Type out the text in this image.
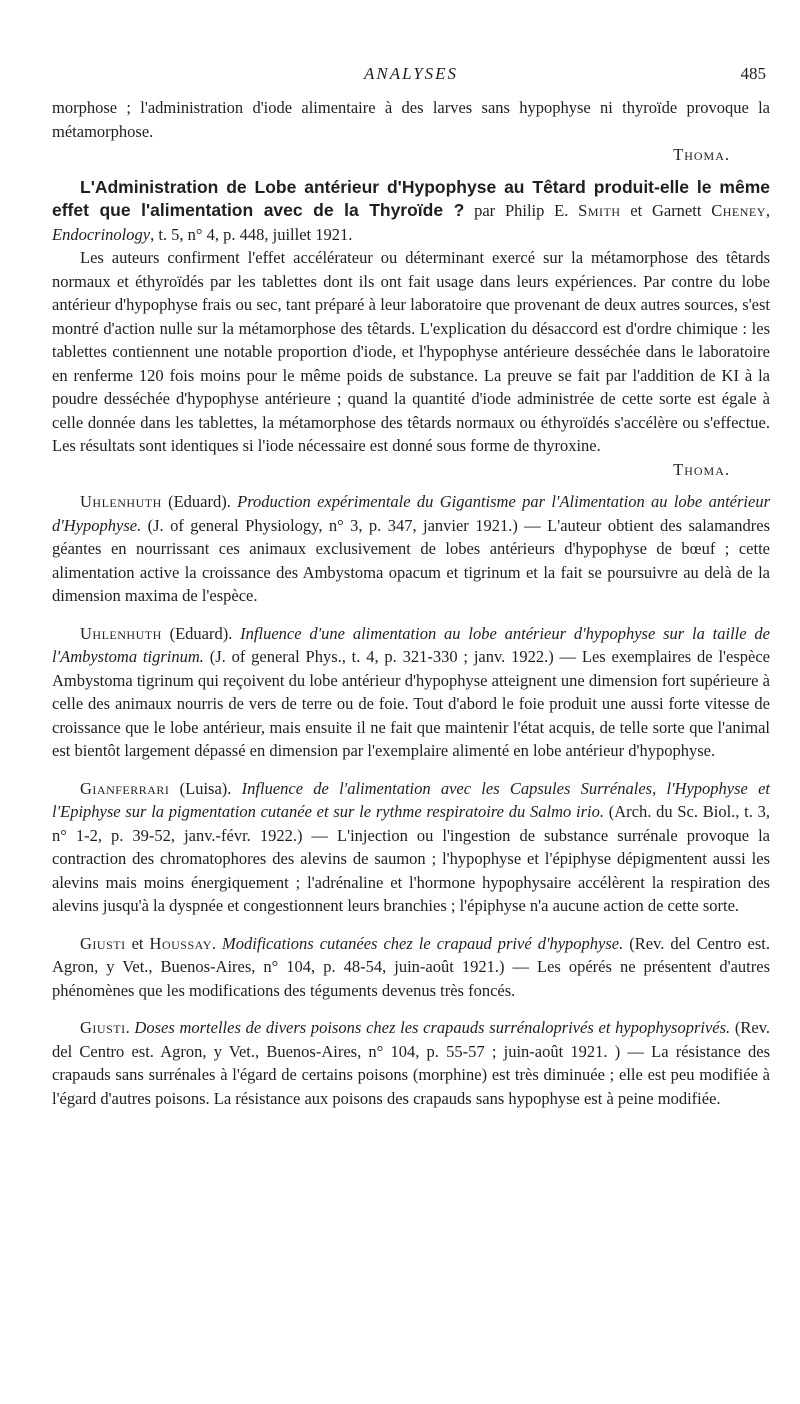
ANALYSES	485

morphose ; l'administration d'iode alimentaire à des larves sans hypophyse ni thyroïde provoque la métamorphose.

Thoma.

L'Administration de Lobe antérieur d'Hypophyse au Têtard produit-elle le même effet que l'alimentation avec de la Thyroïde ? par Philip E. Smith et Garnett Cheney, Endocrinology, t. 5, n° 4, p. 448, juillet 1921.

Les auteurs confirment l'effet accélérateur ou déterminant exercé sur la métamorphose des têtards normaux et éthyroïdés par les tablettes dont ils ont fait usage dans leurs expériences. Par contre du lobe antérieur d'hypophyse frais ou sec, tant préparé à leur laboratoire que provenant de deux autres sources, s'est montré d'action nulle sur la métamorphose des têtards. L'explication du désaccord est d'ordre chimique : les tablettes contiennent une notable proportion d'iode, et l'hypophyse antérieure desséchée dans le laboratoire en renferme 120 fois moins pour le même poids de substance. La preuve se fait par l'addition de KI à la poudre desséchée d'hypophyse antérieure ; quand la quantité d'iode administrée de cette sorte est égale à celle donnée dans les tablettes, la métamorphose des têtards normaux ou éthyroïdés s'accélère ou s'effectue. Les résultats sont identiques si l'iode nécessaire est donné sous forme de thyroxine.

Thoma.

Uhlenhuth (Eduard). Production expérimentale du Gigantisme par l'Alimentation au lobe antérieur d'Hypophyse. (J. of general Physiology, n° 3, p. 347, janvier 1921.) — L'auteur obtient des salamandres géantes en nourrissant ces animaux exclusivement de lobes antérieurs d'hypophyse de bœuf ; cette alimentation active la croissance des Ambystoma opacum et tigrinum et la fait se poursuivre au delà de la dimension maxima de l'espèce.

Uhlenhuth (Eduard). Influence d'une alimentation au lobe antérieur d'hypophyse sur la taille de l'Ambystoma tigrinum. (J. of general Phys., t. 4, p. 321-330 ; janv. 1922.) — Les exemplaires de l'espèce Ambystoma tigrinum qui reçoivent du lobe antérieur d'hypophyse atteignent une dimension fort supérieure à celle des animaux nourris de vers de terre ou de foie. Tout d'abord le foie produit une aussi forte vitesse de croissance que le lobe antérieur, mais ensuite il ne fait que maintenir l'état acquis, de telle sorte que l'animal est bientôt largement dépassé en dimension par l'exemplaire alimenté en lobe antérieur d'hypophyse.

Gianferrari (Luisa). Influence de l'alimentation avec les Capsules Surrénales, l'Hypophyse et l'Epiphyse sur la pigmentation cutanée et sur le rythme respiratoire du Salmo irio. (Arch. du Sc. Biol., t. 3, n° 1-2, p. 39-52, janv.-févr. 1922.) — L'injection ou l'ingestion de substance surrénale provoque la contraction des chromatophores des alevins de saumon ; l'hypophyse et l'épiphyse dépigmentent aussi les alevins mais moins énergiquement ; l'adrénaline et l'hormone hypophysaire accélèrent la respiration des alevins jusqu'à la dyspnée et congestionnent leurs branchies ; l'épiphyse n'a aucune action de cette sorte.

Giusti et Houssay. Modifications cutanées chez le crapaud privé d'hypophyse. (Rev. del Centro est. Agron, y Vet., Buenos-Aires, n° 104, p. 48-54, juin-août 1921.) — Les opérés ne présentent d'autres phénomènes que les modifications des téguments devenus très foncés.

Giusti. Doses mortelles de divers poisons chez les crapauds surrénaloprivés et hypophysoprivés. (Rev. del Centro est. Agron, y Vet., Buenos-Aires, n° 104, p. 55-57 ; juin-août 1921. ) — La résistance des crapauds sans surrénales à l'égard de certains poisons (morphine) est très diminuée ; elle est peu modifiée à l'égard d'autres poisons. La résistance aux poisons des crapauds sans hypophyse est à peine modifiée.
